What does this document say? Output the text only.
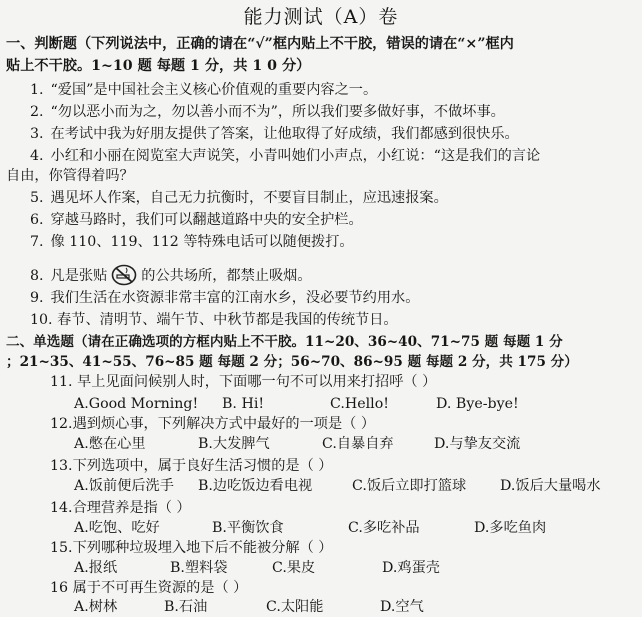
能力测试（A）卷
一、判断题（下列说法中，正确的请在“√”框内贴上不干胶，错误的请在“×”框内
贴上不干胶。1~10 题 每题 1 分，共 1 0 分）
1. “爱国”是中国社会主义核心价值观的重要内容之一。
2. “勿以恶小而为之，勿以善小而不为”，所以我们要多做好事，不做坏事。
3. 在考试中我为好朋友提供了答案，让他取得了好成绩，我们都感到很快乐。
4. 小红和小丽在阅览室大声说笑，小青叫她们小声点，小红说：“这是我们的言论
自由，你管得着吗？
5. 遇见坏人作案，自己无力抗衡时，不要盲目制止，应迅速报案。
6. 穿越马路时，我们可以翻越道路中央的安全护栏。
7. 像 110、119、112 等特殊电话可以随便拨打。
8. 凡是张贴 的公共场所，都禁止吸烟。
9. 我们生活在水资源非常丰富的江南水乡，没必要节约用水。
10. 春节、清明节、端午节、中秋节都是我国的传统节日。
二、单选题（请在正确选项的方框内贴上不干胶。11~20、36~40、71~75 题 每题 1 分
；21~35、41~55、76~85 题 每题 2 分；56~70、86~95 题 每题 2 分，共 175 分）
11. 早上见面问候别人时，下面哪一句不可以用来打招呼（ ）
A.Good Morning! B. Hi!	C.Hello!	D. Bye-bye!
12.遇到烦心事，下列解决方式中最好的一项是（ ）
A.憋在心里	B.大发脾气	C.自暴自弃	D.与挚友交流
13.下列选项中，属于良好生活习惯的是（ ）
A.饭前便后洗手 B.边吃饭边看电视	C.饭后立即打篮球 D.饭后大量喝水
14.合理营养是指（ ）
A.吃饱、吃好	B.平衡饮食	C.多吃补品	D.多吃鱼肉
15.下列哪种垃圾埋入地下后不能被分解（ ）
A.报纸	B.塑料袋	C.果皮	D.鸡蛋壳
16 属于不可再生资源的是（ ）
A.树林	B.石油	C.太阳能	D.空气
